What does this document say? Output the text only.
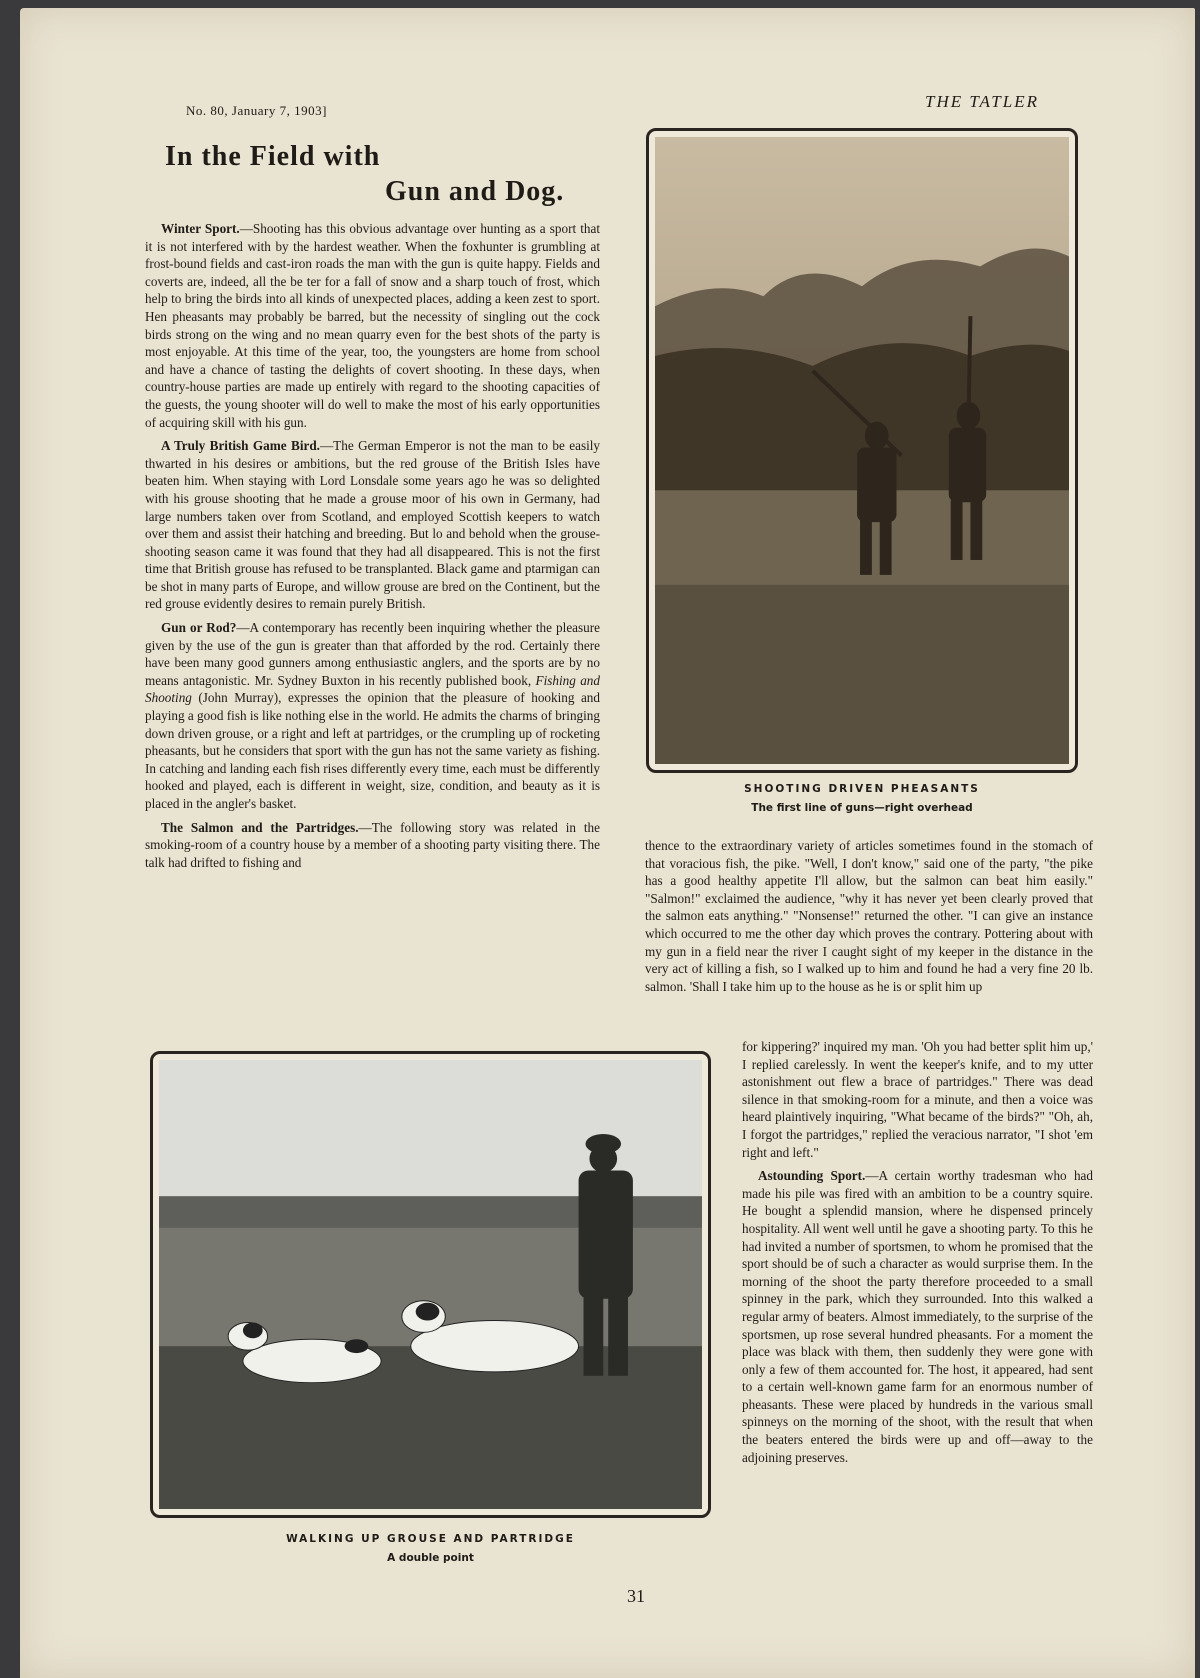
No. 80, January 7, 1903]	THE TATLER
In the Field with
Gun and Dog.

Winter Sport.—Shooting has this obvious advantage over hunting as a sport that it is not interfered with by the hardest weather. When the foxhunter is grumbling at frost-bound fields and cast-iron roads the man with the gun is quite happy. Fields and coverts are, indeed, all the be ter for a fall of snow and a sharp touch of frost, which help to bring the birds into all kinds of unexpected places, adding a keen zest to sport. Hen pheasants may probably be barred, but the necessity of singling out the cock birds strong on the wing and no mean quarry even for the best shots of the party is most enjoyable. At this time of the year, too, the youngsters are home from school and have a chance of tasting the delights of covert shooting. In these days, when country-house parties are made up entirely with regard to the shooting capacities of the guests, the young shooter will do well to make the most of his early opportunities of acquiring skill with his gun.

A Truly British Game Bird.—The German Emperor is not the man to be easily thwarted in his desires or ambitions, but the red grouse of the British Isles have beaten him. When staying with Lord Lonsdale some years ago he was so delighted with his grouse shooting that he made a grouse moor of his own in Germany, had large numbers taken over from Scotland, and employed Scottish keepers to watch over them and assist their hatching and breeding. But lo and behold when the grouse-shooting season came it was found that they had all disappeared. This is not the first time that British grouse has refused to be transplanted. Black game and ptarmigan can be shot in many parts of Europe, and willow grouse are bred on the Continent, but the red grouse evidently desires to remain purely British.

Gun or Rod?—A contemporary has recently been inquiring whether the pleasure given by the use of the gun is greater than that afforded by the rod. Certainly there have been many good gunners among enthusiastic anglers, and the sports are by no means antagonistic. Mr. Sydney Buxton in his recently published book, Fishing and Shooting (John Murray), expresses the opinion that the pleasure of hooking and playing a good fish is like nothing else in the world. He admits the charms of bringing down driven grouse, or a right and left at partridges, or the crumpling up of rocketing pheasants, but he considers that sport with the gun has not the same variety as fishing. In catching and landing each fish rises differently every time, each must be differently hooked and played, each is different in weight, size, condition, and beauty as it is placed in the angler's basket.

The Salmon and the Partridges.—The following story was related in the smoking-room of a country house by a member of a shooting party visiting there. The talk had drifted to fishing and

SHOOTING DRIVEN PHEASANTS
The first line of guns—right overhead
thence to the extraordinary variety of articles sometimes found in the stomach of that voracious fish, the pike. "Well, I don't know," said one of the party, "the pike has a good healthy appetite I'll allow, but the salmon can beat him easily." "Salmon!" exclaimed the audience, "why it has never yet been clearly proved that the salmon eats anything." "Nonsense!" returned the other. "I can give an instance which occurred to me the other day which proves the contrary. Pottering about with my gun in a field near the river I caught sight of my keeper in the distance in the very act of killing a fish, so I walked up to him and found he had a very fine 20 lb. salmon. 'Shall I take him up to the house as he is or split him up
WALKING UP GROUSE AND PARTRIDGE
A double point

for kippering?' inquired my man. 'Oh you had better split him up,' I replied carelessly. In went the keeper's knife, and to my utter astonishment out flew a brace of partridges." There was dead silence in that smoking-room for a minute, and then a voice was heard plaintively inquiring, "What became of the birds?" "Oh, ah, I forgot the partridges," replied the veracious narrator, "I shot 'em right and left."

Astounding Sport.—A certain worthy tradesman who had made his pile was fired with an ambition to be a country squire. He bought a splendid mansion, where he dispensed princely hospitality. All went well until he gave a shooting party. To this he had invited a number of sportsmen, to whom he promised that the sport should be of such a character as would surprise them. In the morning of the shoot the party therefore proceeded to a small spinney in the park, which they surrounded. Into this walked a regular army of beaters. Almost immediately, to the surprise of the sportsmen, up rose several hundred pheasants. For a moment the place was black with them, then suddenly they were gone with only a few of them accounted for. The host, it appeared, had sent to a certain well-known game farm for an enormous number of pheasants. These were placed by hundreds in the various small spinneys on the morning of the shoot, with the result that when the beaters entered the birds were up and off—away to the adjoining preserves.

31
